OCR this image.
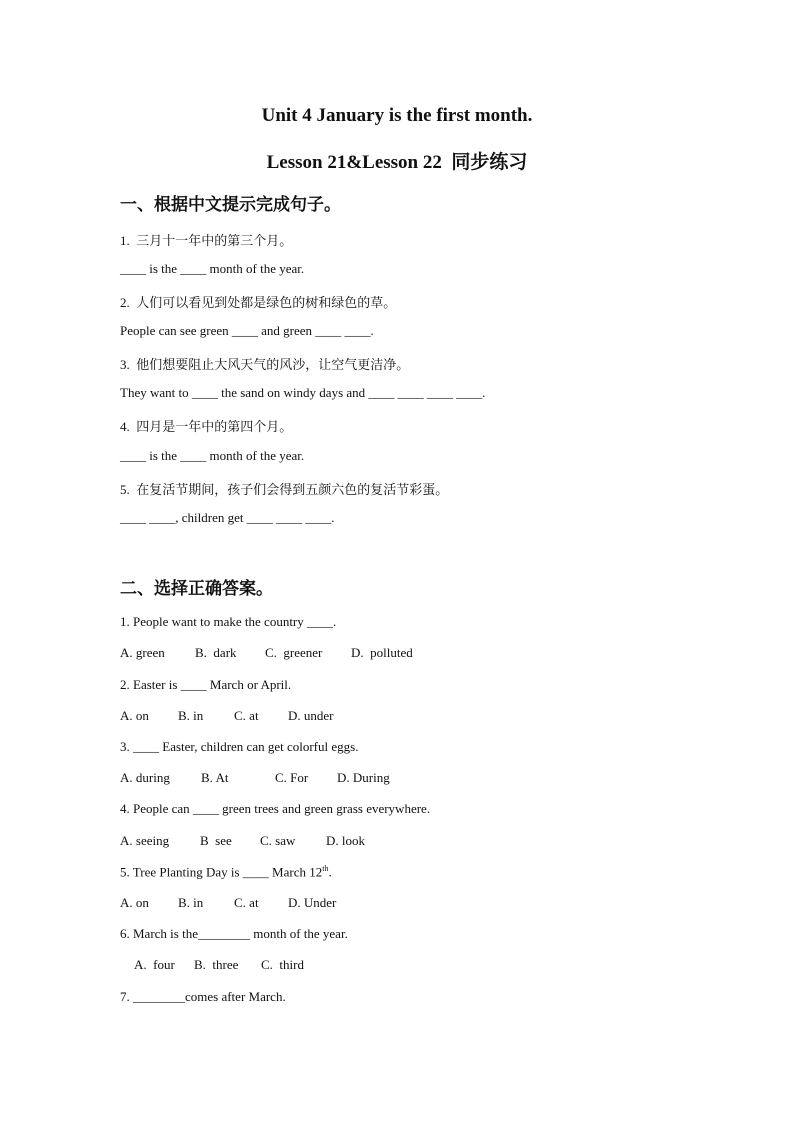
Unit 4 January is the first month.
Lesson 21&Lesson 22  同步练习
一、根据中文提示完成句子。
1.  三月十一年中的第三个月。
____ is the ____ month of the year.
2.  人们可以看见到处都是绿色的树和绿色的草。
People can see green ____ and green ____ ____.
3.  他们想要阻止大风天气的风沙，让空气更洁净。
They want to ____ the sand on windy days and ____ ____ ____ ____.
4.  四月是一年中的第四个月。
____ is the ____ month of the year.
5.  在复活节期间，孩子们会得到五颜六色的复活节彩蛋。
____ ____, children get ____ ____ ____.
二、选择正确答案。
1. People want to make the country ____.
A. green B.  dark C.  greener D.  polluted
2. Easter is ____ March or April.
A. on B. in C. at D. under
3. ____ Easter, children can get colorful eggs.
A. during B. At	C. For D. During
4. People can ____ green trees and green grass everywhere.
A. seeing B  see C. saw D. look
5. Tree Planting Day is ____ March 12th.
A. on B. in C. at D. Under
6. March is the________ month of the year.
A.  four B.  three C.  third
7. ________comes after March.
